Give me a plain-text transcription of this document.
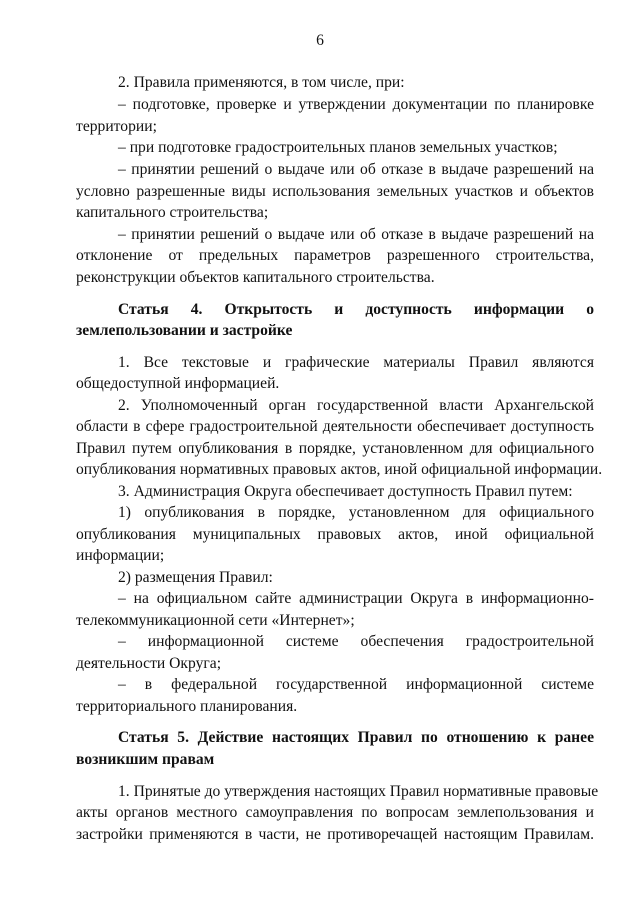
6
2. Правила применяются, в том числе, при:
– подготовке, проверке и утверждении документации по планировке
территории;
– при подготовке градостроительных планов земельных участков;
– принятии решений о выдаче или об отказе в выдаче разрешений на
условно разрешенные виды использования земельных участков и объектов
капитального строительства;
– принятии решений о выдаче или об отказе в выдаче разрешений на
отклонение от предельных параметров разрешенного строительства,
реконструкции объектов капитального строительства.
Статья 4. Открытость и доступность информации о
землепользовании и застройке
1. Все текстовые и графические материалы Правил являются
общедоступной информацией.
2. Уполномоченный орган государственной власти Архангельской
области в сфере градостроительной деятельности обеспечивает доступность
Правил путем опубликования в порядке, установленном для официального
опубликования нормативных правовых актов, иной официальной информации.
3. Администрация Округа обеспечивает доступность Правил путем:
1) опубликования в порядке, установленном для официального
опубликования муниципальных правовых актов, иной официальной
информации;
2) размещения Правил:
– на официальном сайте администрации Округа в информационно-
телекоммуникационной сети «Интернет»;
– информационной системе обеспечения градостроительной
деятельности Округа;
– в федеральной государственной информационной системе
территориального планирования.
Статья 5. Действие настоящих Правил по отношению к ранее
возникшим правам
1. Принятые до утверждения настоящих Правил нормативные правовые
акты органов местного самоуправления по вопросам землепользования и
застройки применяются в части, не противоречащей настоящим Правилам.
